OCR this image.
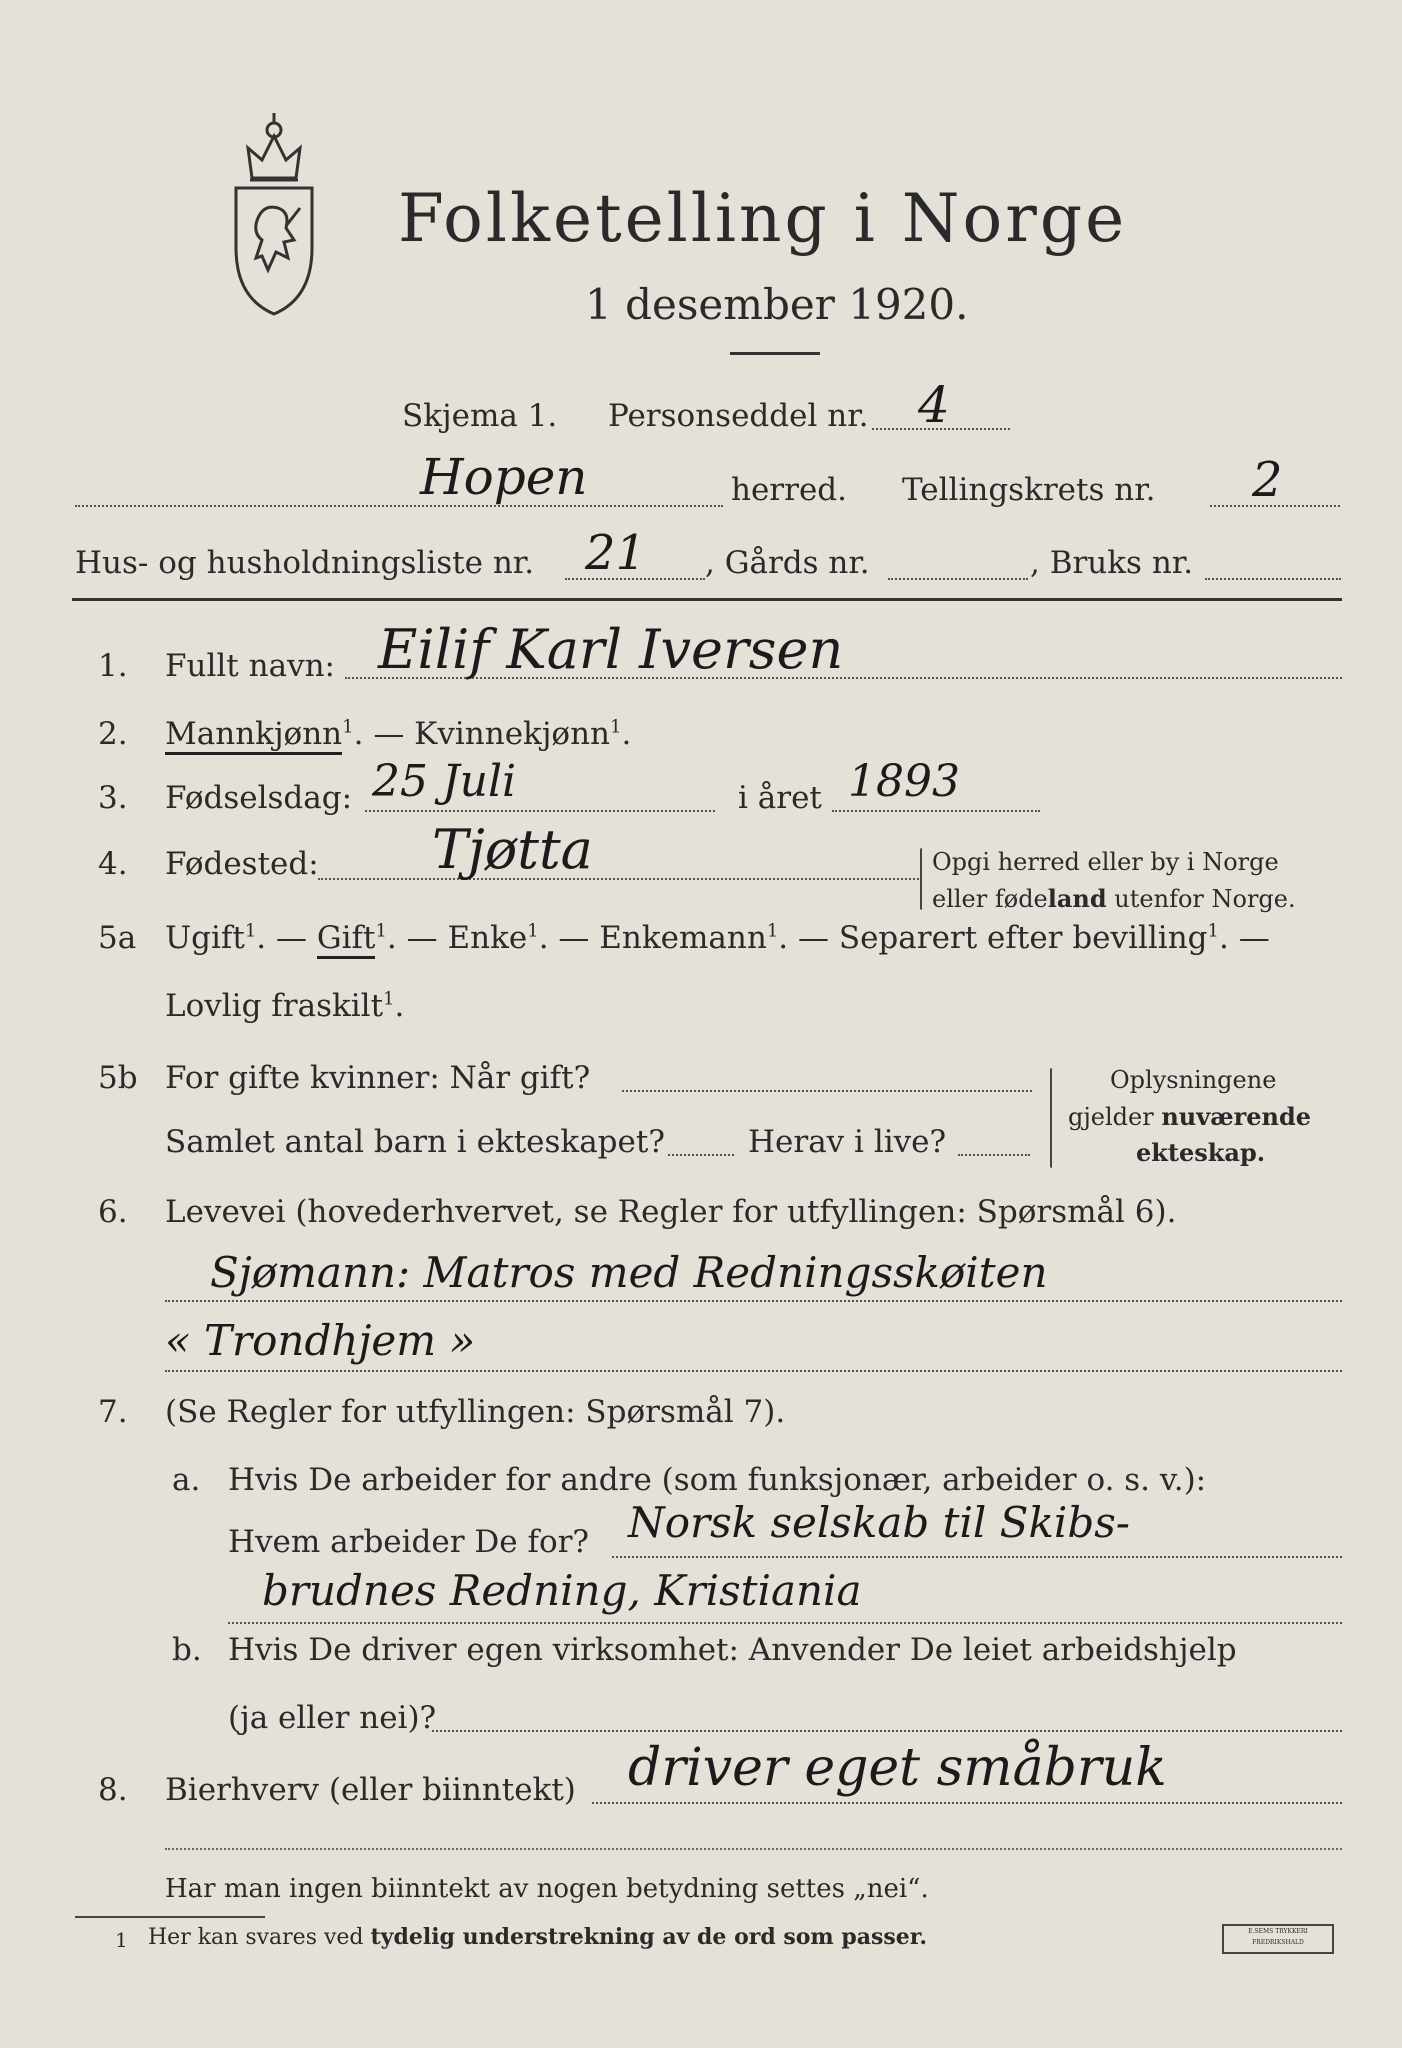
Folketelling i Norge
1 desember 1920.
Skjema 1. Personseddel nr. 4
Hopen	herred. Tellingskrets nr. 2
Hus- og husholdningsliste nr. 21 , Gårds nr.	, Bruks nr.
1. Fullt navn: Eilif Karl Iversen
2. Mannkjønn$^1$. — Kvinnekjønn$^1$.
3. Fødselsdag: 25 Juli	i året 1893
4. Fødested: Tjøtta	Opgi herred eller by i Norge
eller fødeland utenfor Norge.
5a Ugift$^1$. — Gift$^1$. — Enke$^1$. — Enkemann$^1$. — Separert efter bevilling$^1$. —
Lovlig fraskilt$^1$.
5b For gifte kvinner: Når gift?
Samlet antal barn i ekteskapet?	Herav i live?
Oplysningene
gjelder nuværende
ekteskap.
6. Levevei (hovederhvervet, se Regler for utfyllingen: Spørsmål 6).
Sjømann: Matros med Redningsskøiten
« Trondhjem »
7. (Se Regler for utfyllingen: Spørsmål 7).
a. Hvis De arbeider for andre (som funksjonær, arbeider o. s. v.):
Hvem arbeider De for? Norsk selskab til Skibs-
brudnes Redning, Kristiania
b. Hvis De driver egen virksomhet: Anvender De leiet arbeidshjelp
(ja eller nei)?
8. Bierhverv (eller biinntekt) driver eget småbruk
Har man ingen biinntekt av nogen betydning settes „nei“.
1 Her kan svares ved tydelig understrekning av de ord som passer.	E.SEMS TRYKKERI FREDRIKSHALD
